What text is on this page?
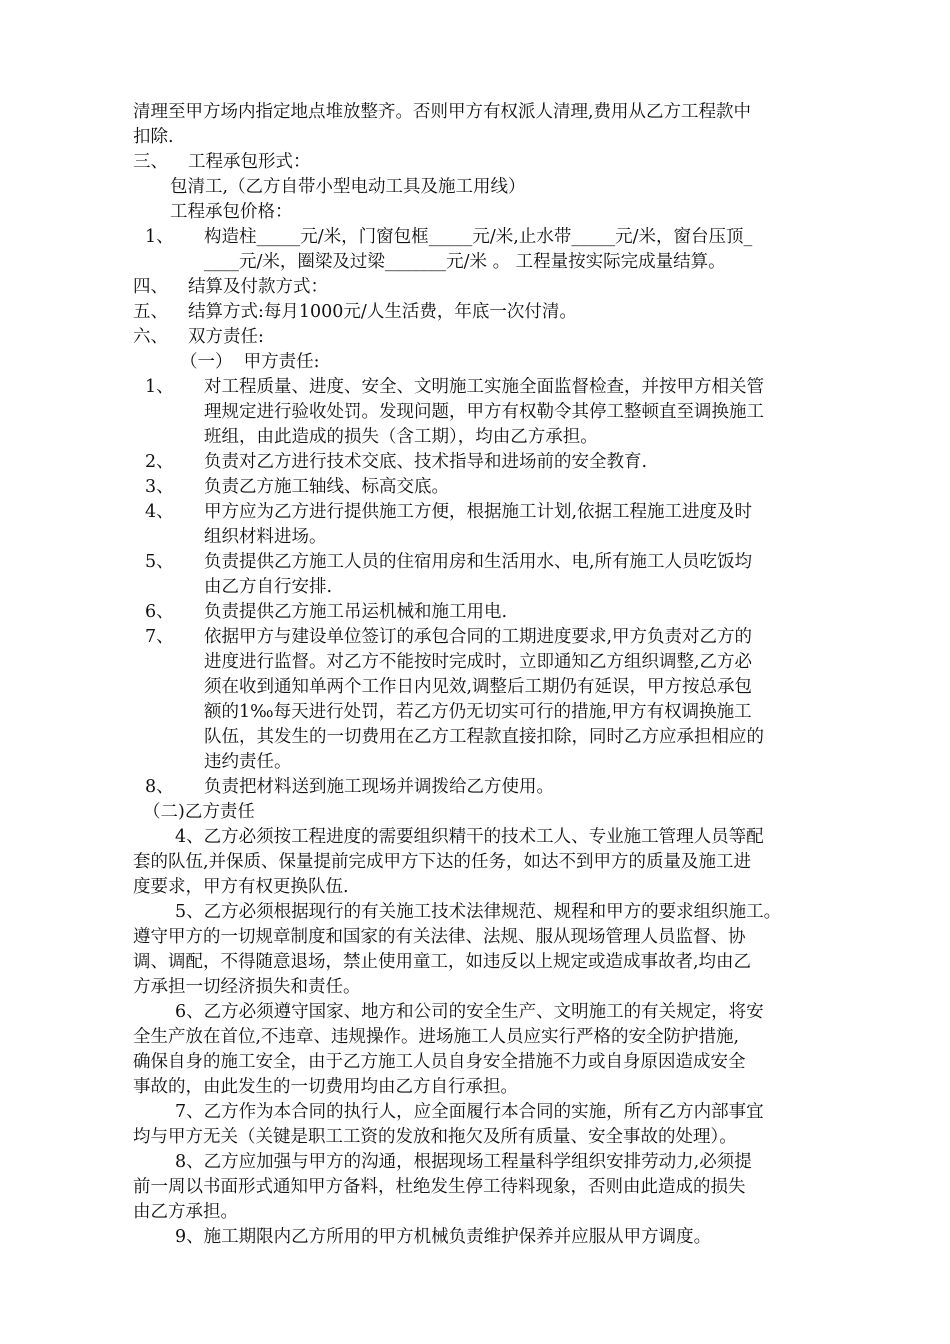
清理至甲方场内指定地点堆放整齐。否则甲方有权派人清理,费用从乙方工程款中
扣除.
三、 工程承包形式：
包清工,（乙方自带小型电动工具及施工用线）
工程承包价格：
1、 构造柱_____元/米，门窗包框_____元/米,止水带_____元/米，窗台压顶_
____元/米，圈梁及过梁_______元/米 。 工程量按实际完成量结算。
四、 结算及付款方式：
五、 结算方式:每月1000元/人生活费，年底一次付清。
六、 双方责任:
（一）  甲方责任:
1、 对工程质量、进度、安全、文明施工实施全面监督检查，并按甲方相关管
理规定进行验收处罚。发现问题，甲方有权勒令其停工整顿直至调换施工
班组，由此造成的损失（含工期），均由乙方承担。
2、 负责对乙方进行技术交底、技术指导和进场前的安全教育.
3、 负责乙方施工轴线、标高交底。
4、 甲方应为乙方进行提供施工方便，根据施工计划,依据工程施工进度及时
组织材料进场。
5、 负责提供乙方施工人员的住宿用房和生活用水、电,所有施工人员吃饭均
由乙方自行安排.
6、 负责提供乙方施工吊运机械和施工用电.
7、 依据甲方与建设单位签订的承包合同的工期进度要求,甲方负责对乙方的
进度进行监督。对乙方不能按时完成时，立即通知乙方组织调整,乙方必
须在收到通知单两个工作日内见效,调整后工期仍有延误，甲方按总承包
额的1‰每天进行处罚，若乙方仍无切实可行的措施,甲方有权调换施工
队伍，其发生的一切费用在乙方工程款直接扣除，同时乙方应承担相应的
违约责任。
8、 负责把材料送到施工现场并调拨给乙方使用。
（二)乙方责任
4、乙方必须按工程进度的需要组织精干的技术工人、专业施工管理人员等配
套的队伍,并保质、保量提前完成甲方下达的任务，如达不到甲方的质量及施工进
度要求，甲方有权更换队伍.
5、乙方必须根据现行的有关施工技术法律规范、规程和甲方的要求组织施工。
遵守甲方的一切规章制度和国家的有关法律、法规、服从现场管理人员监督、协
调、调配，不得随意退场，禁止使用童工，如违反以上规定或造成事故者,均由乙
方承担一切经济损失和责任。
6、乙方必须遵守国家、地方和公司的安全生产、文明施工的有关规定，将安
全生产放在首位,不违章、违规操作。进场施工人员应实行严格的安全防护措施,
确保自身的施工安全，由于乙方施工人员自身安全措施不力或自身原因造成安全
事故的，由此发生的一切费用均由乙方自行承担。
7、乙方作为本合同的执行人，应全面履行本合同的实施，所有乙方内部事宜
均与甲方无关（关键是职工工资的发放和拖欠及所有质量、安全事故的处理）。
8、乙方应加强与甲方的沟通，根据现场工程量科学组织安排劳动力,必须提
前一周以书面形式通知甲方备料，杜绝发生停工待料现象，否则由此造成的损失
由乙方承担。
9、施工期限内乙方所用的甲方机械负责维护保养并应服从甲方调度。
